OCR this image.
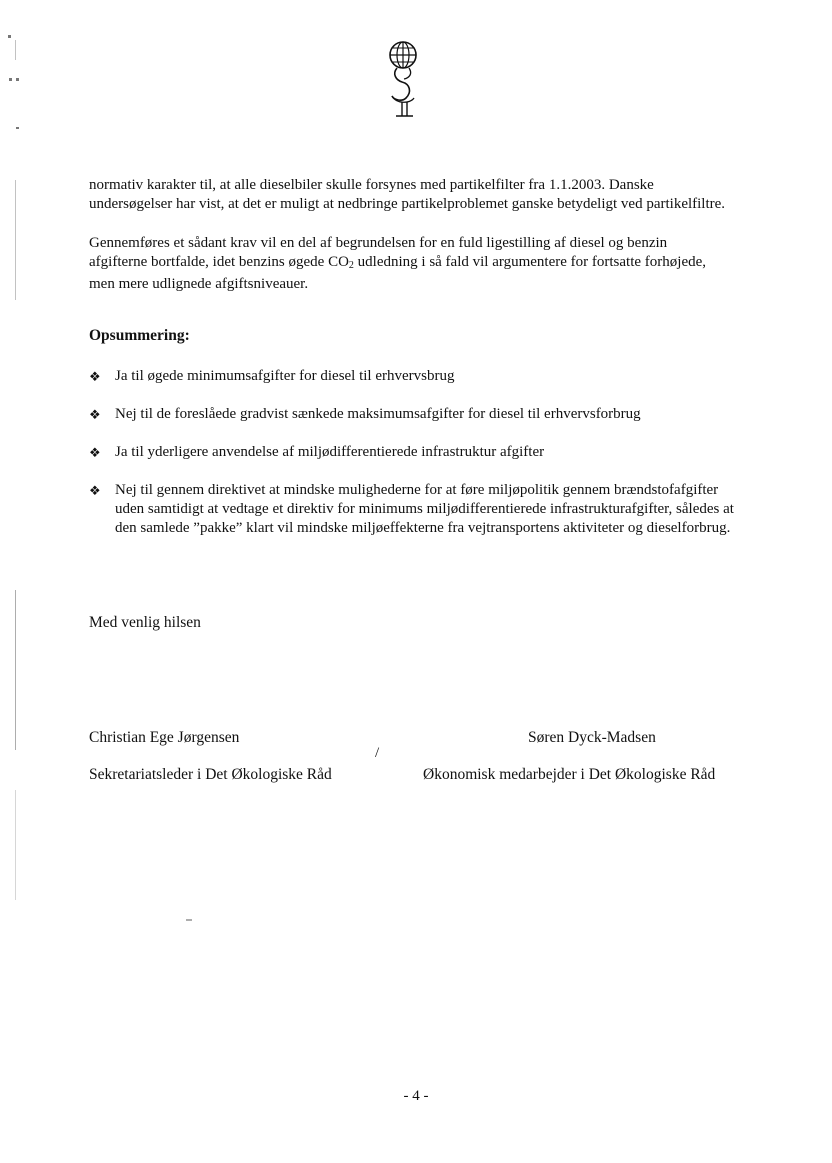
normativ karakter til, at alle dieselbiler skulle forsynes med partikelfilter fra 1.1.2003. Danske undersøgelser har vist, at det er muligt at nedbringe partikelproblemet ganske betydeligt ved partikelfiltre.

Gennemføres et sådant krav vil en del af begrundelsen for en fuld ligestilling af diesel og benzin afgifterne bortfalde, idet benzins øgede $CO_2$ udledning i så fald vil argumentere for fortsatte forhøjede, men mere udlignede afgiftsniveauer.

Opsummering:

❖ Ja til øgede minimumsafgifter for diesel til erhvervsbrug
❖ Nej til de foreslåede gradvist sænkede maksimumsafgifter for diesel til erhvervsforbrug
❖ Ja til yderligere anvendelse af miljødifferentierede infrastruktur afgifter
❖ Nej til gennem direktivet at mindske mulighederne for at føre miljøpolitik gennem brændstofafgifter uden samtidigt at vedtage et direktiv for minimums miljødifferentierede infrastrukturafgifter, således at den samlede ”pakke” klart vil mindske miljøeffekterne fra vejtransportens aktiviteter og dieselforbrug.

Med venlig hilsen

Christian Ege Jørgensen	Søren Dyck-Madsen

/

Sekretariatsleder i Det Økologiske Råd	Økonomisk medarbejder i Det Økologiske Råd

- 4 -
